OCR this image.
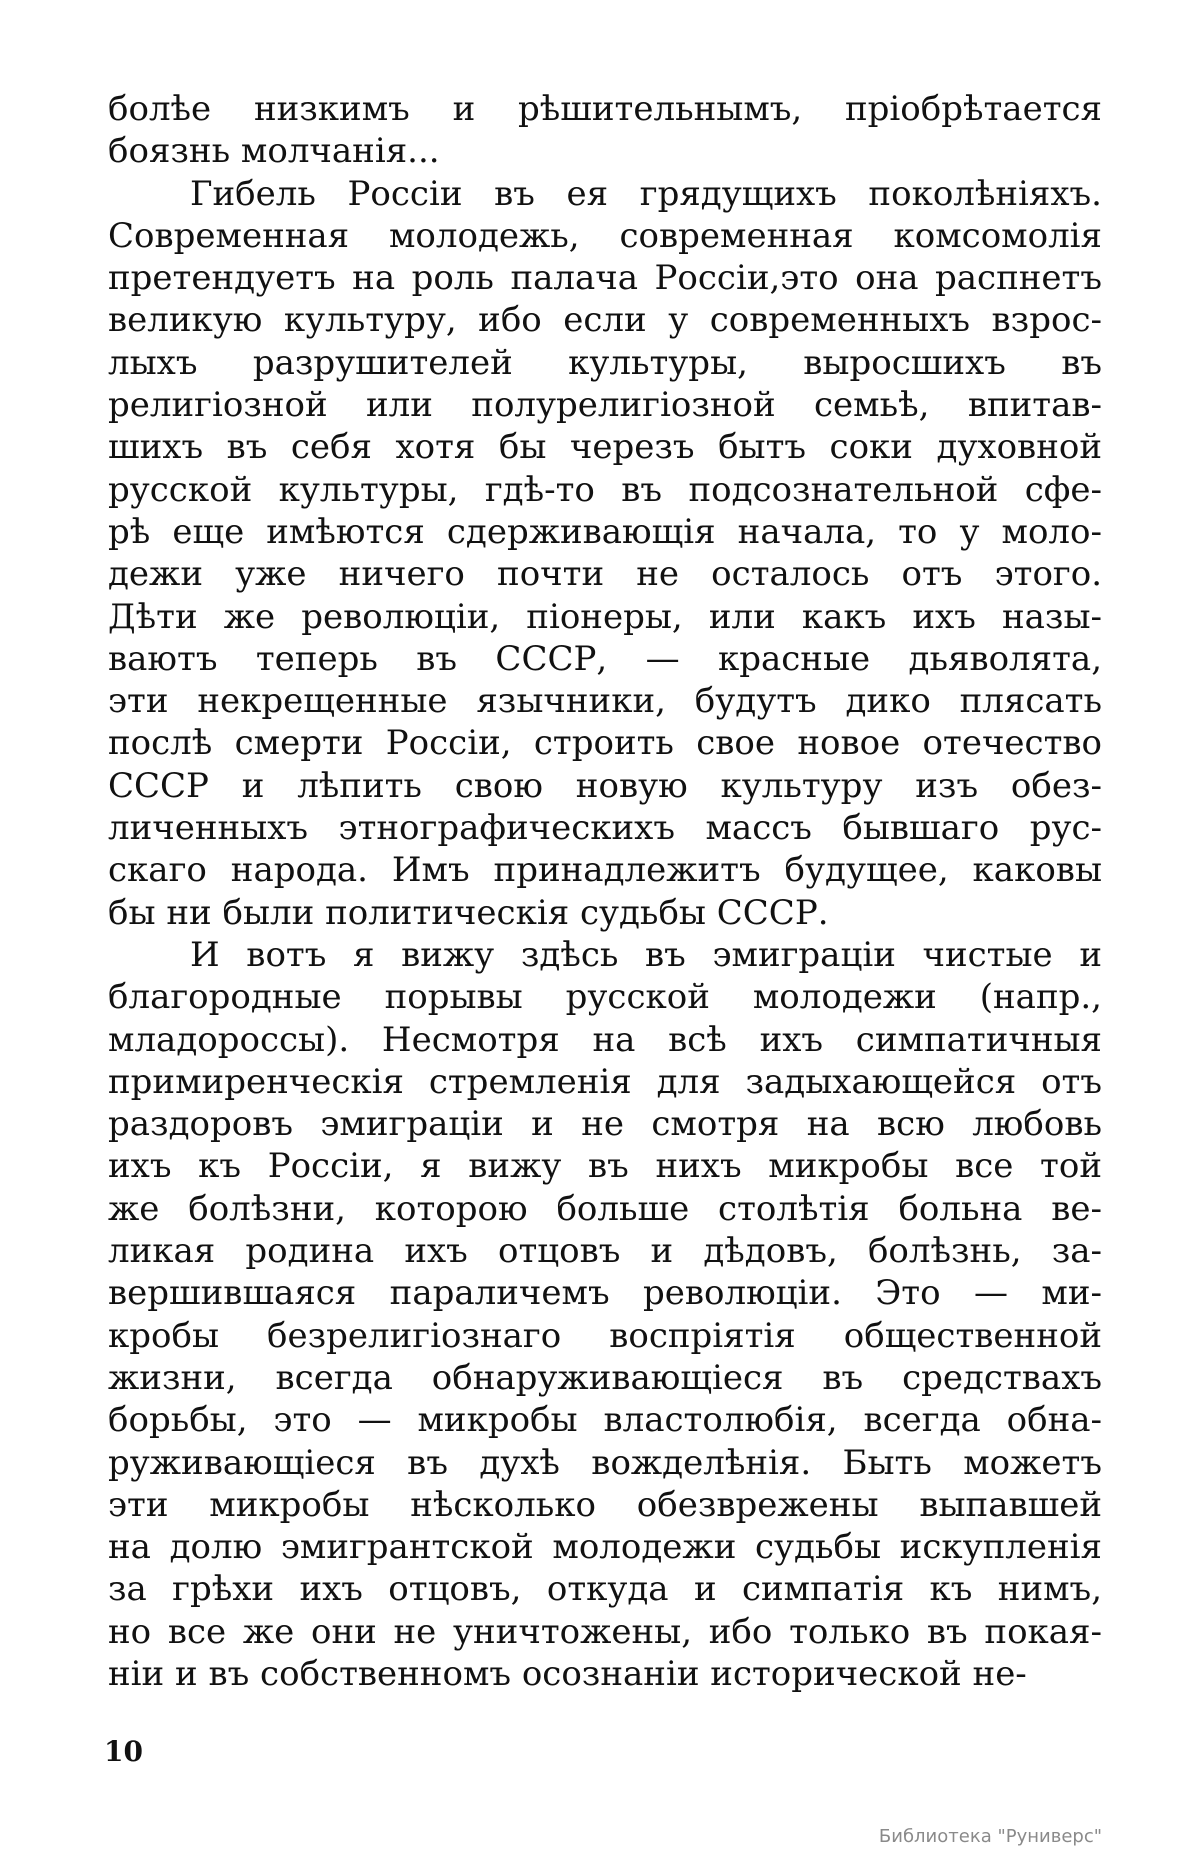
болѣе низкимъ и рѣшительнымъ, пріобрѣтается
боязнь молчанія...
Гибель Россіи въ ея грядущихъ поколѣніяхъ.
Современная молодежь, современная комсомолія
претендуетъ на роль палача Россіи,это она распнетъ
великую культуру, ибо если у современныхъ взрос-
лыхъ разрушителей культуры, выросшихъ въ
религіозной или полурелигіозной семьѣ, впитав-
шихъ въ себя хотя бы черезъ бытъ соки духовной
русской культуры, гдѣ-то въ подсознательной сфе-
рѣ еще имѣются сдерживающія начала, то у моло-
дежи уже ничего почти не осталось отъ этого.
Дѣти же революціи, піонеры, или какъ ихъ назы-
ваютъ теперь въ СССР, — красные дьяволята,
эти некрещенные язычники, будутъ дико плясать
послѣ смерти Россіи, строить свое новое отечество
СССР и лѣпить свою новую культуру изъ обез-
личенныхъ этнографическихъ массъ бывшаго рус-
скаго народа. Имъ принадлежитъ будущее, каковы
бы ни были политическія судьбы СССР.
И вотъ я вижу здѣсь въ эмиграціи чистые и
благородные порывы русской молодежи (напр.,
младороссы). Несмотря на всѣ ихъ симпатичныя
примиренческія стремленія для задыхающейся отъ
раздоровъ эмиграціи и не смотря на всю любовь
ихъ къ Россіи, я вижу въ нихъ микробы все той
же болѣзни, которою больше столѣтія больна ве-
ликая родина ихъ отцовъ и дѣдовъ, болѣзнь, за-
вершившаяся параличемъ революціи. Это — ми-
кробы безрелигіознаго воспріятія общественной
жизни, всегда обнаруживающіеся въ средствахъ
борьбы, это — микробы властолюбія, всегда обна-
руживающіеся въ духѣ вожделѣнія. Быть можетъ
эти микробы нѣсколько обезврежены выпавшей
на долю эмигрантской молодежи судьбы искупленія
за грѣхи ихъ отцовъ, откуда и симпатія къ нимъ,
но все же они не уничтожены, ибо только въ покая-
ніи и въ собственномъ осознаніи исторической не-
10
Библиотека "Руниверс"
